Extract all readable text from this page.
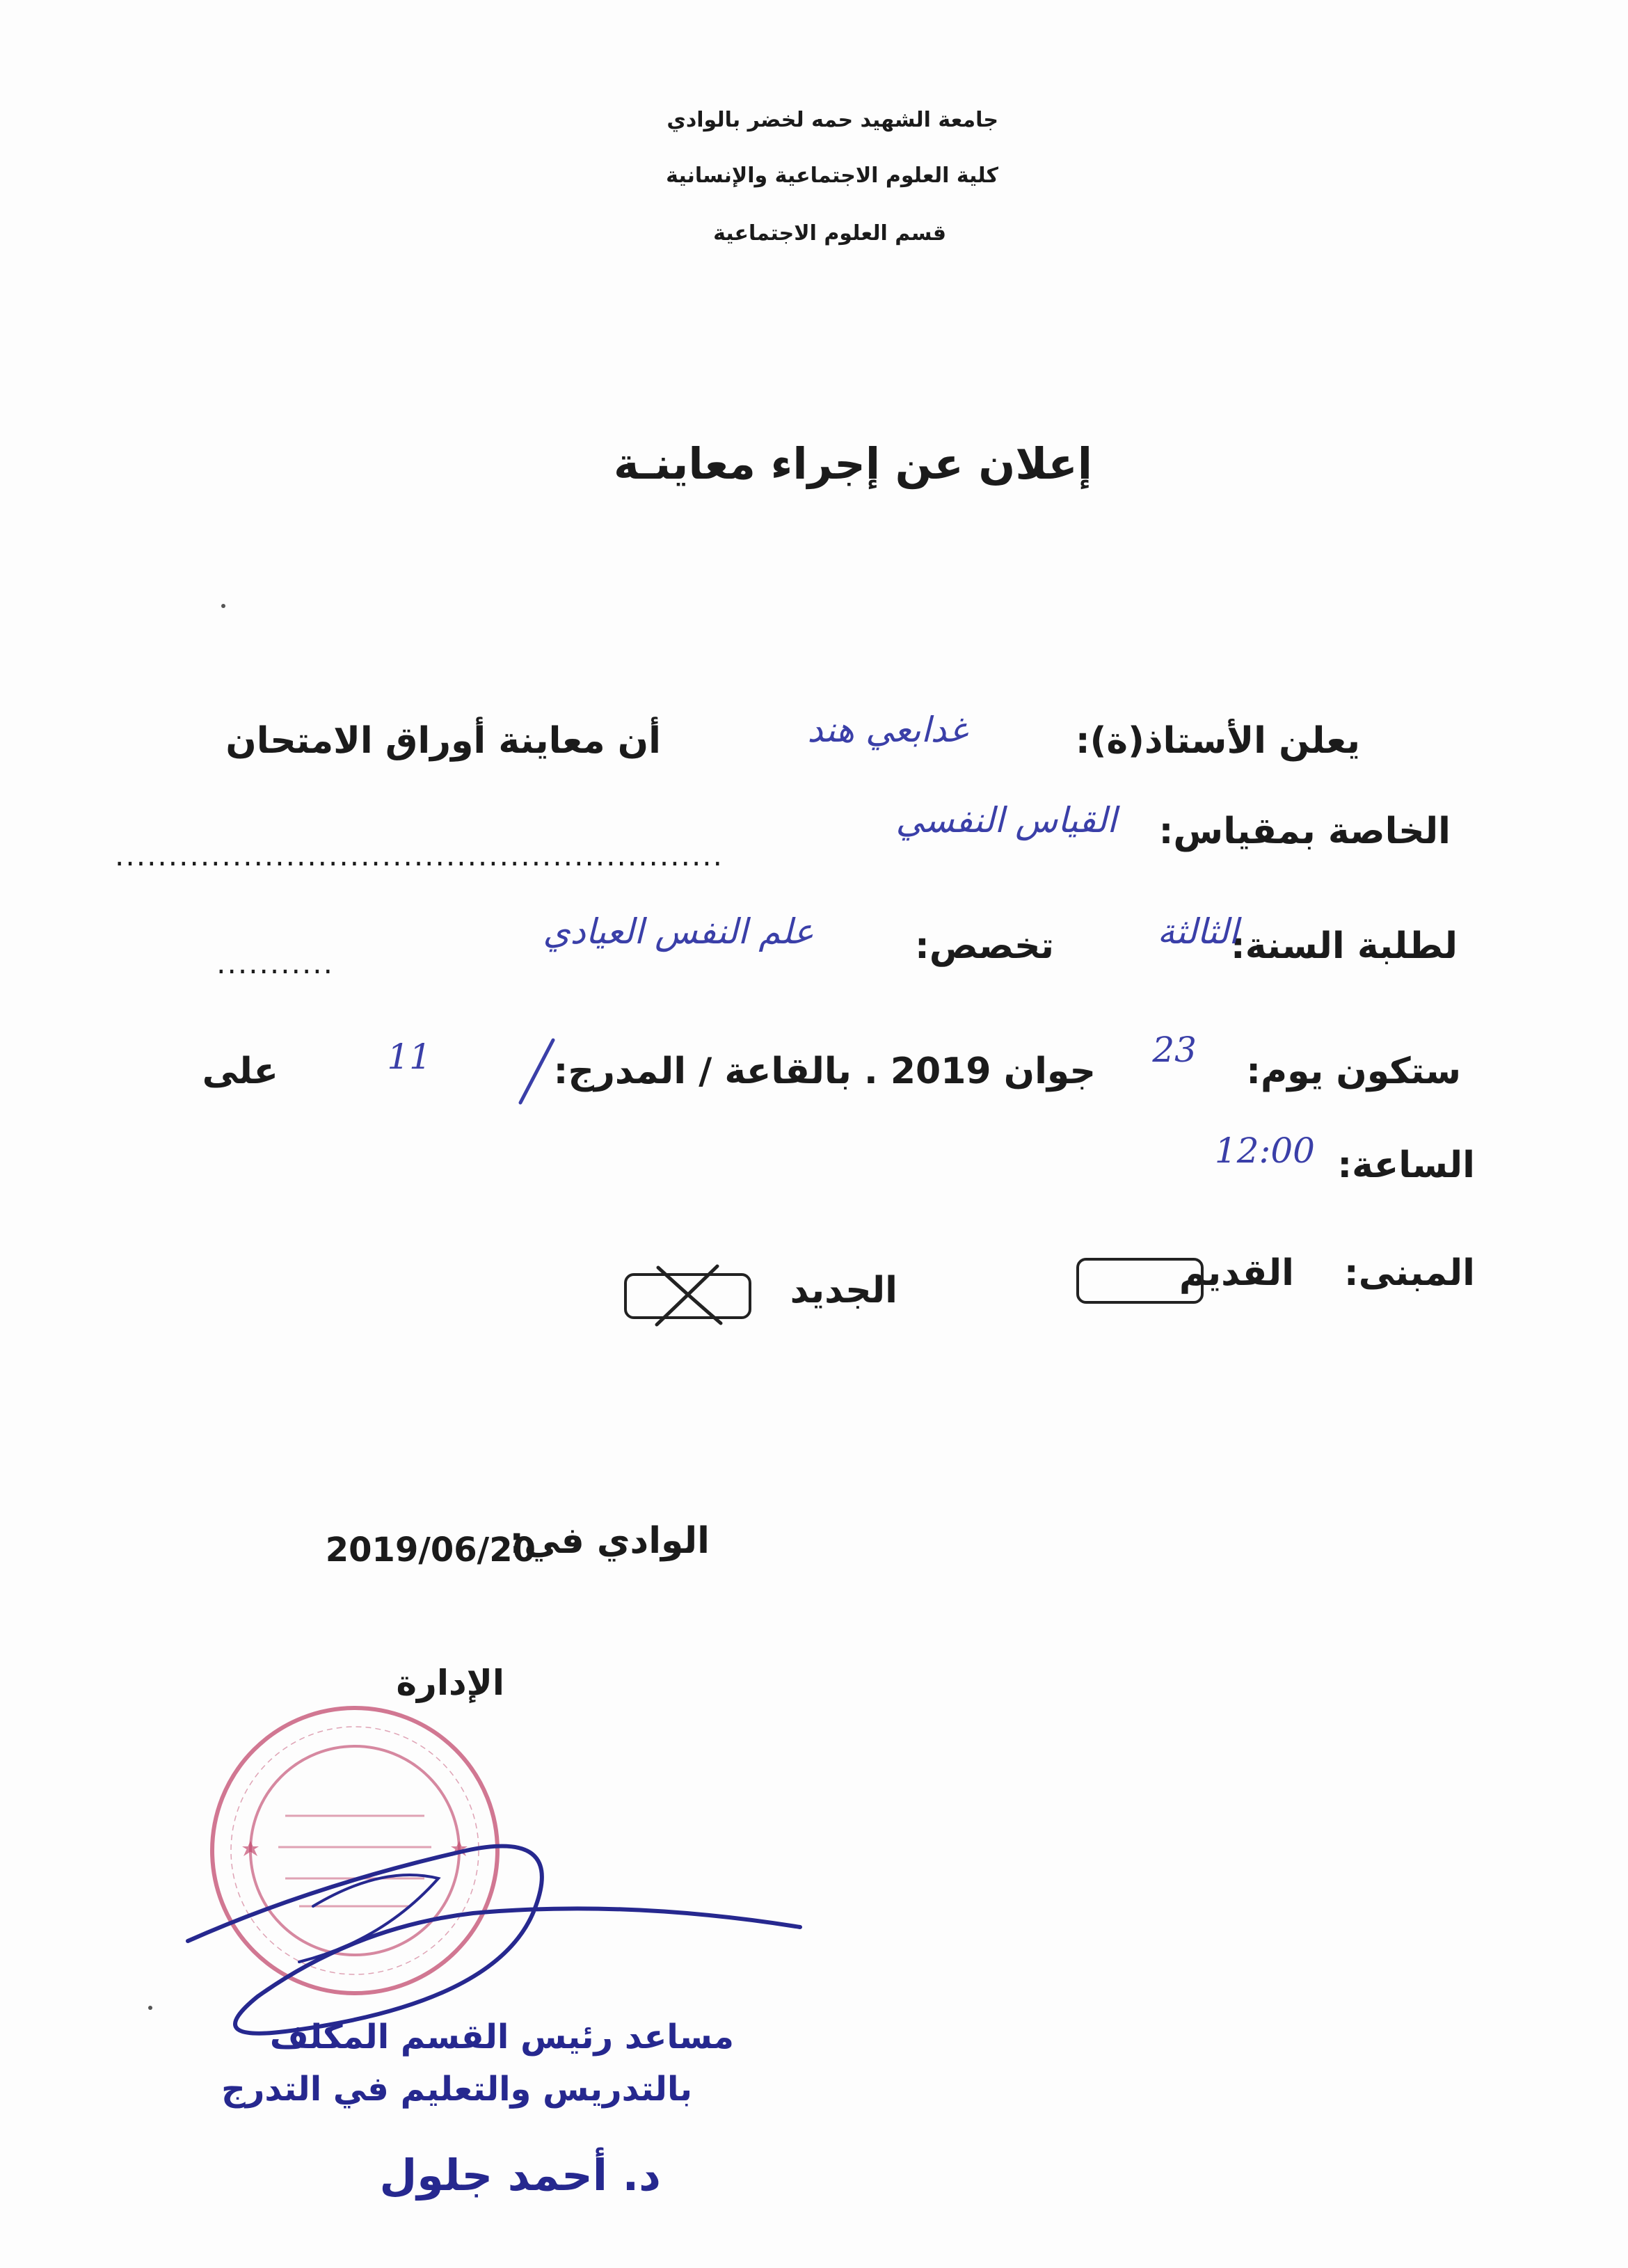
جامعة الشهيد حمه لخضر بالوادي
كلية العلوم الاجتماعية والإنسانية
قسم العلوم الاجتماعية
إعلان عن إجراء معاينـة
يعلن الأستاذ(ة):
غدابعي هند
أن معاينة أوراق الامتحان
الخاصة بمقياس:
القياس النفسي
.........................................................
لطلبة السنة:
الثالثة
تخصص:
علم النفس العيادي
...........
ستكون يوم:
23
جوان 2019 . بالقاعة / المدرج:
11
على
الساعة:
12:00
المبنى:
القديم
الجديد
الوادي في:
2019/06/20
الإدارة
مساعد رئيس القسم المكلف
بالتدريس والتعليم في التدرج
د. أحمد جلول
